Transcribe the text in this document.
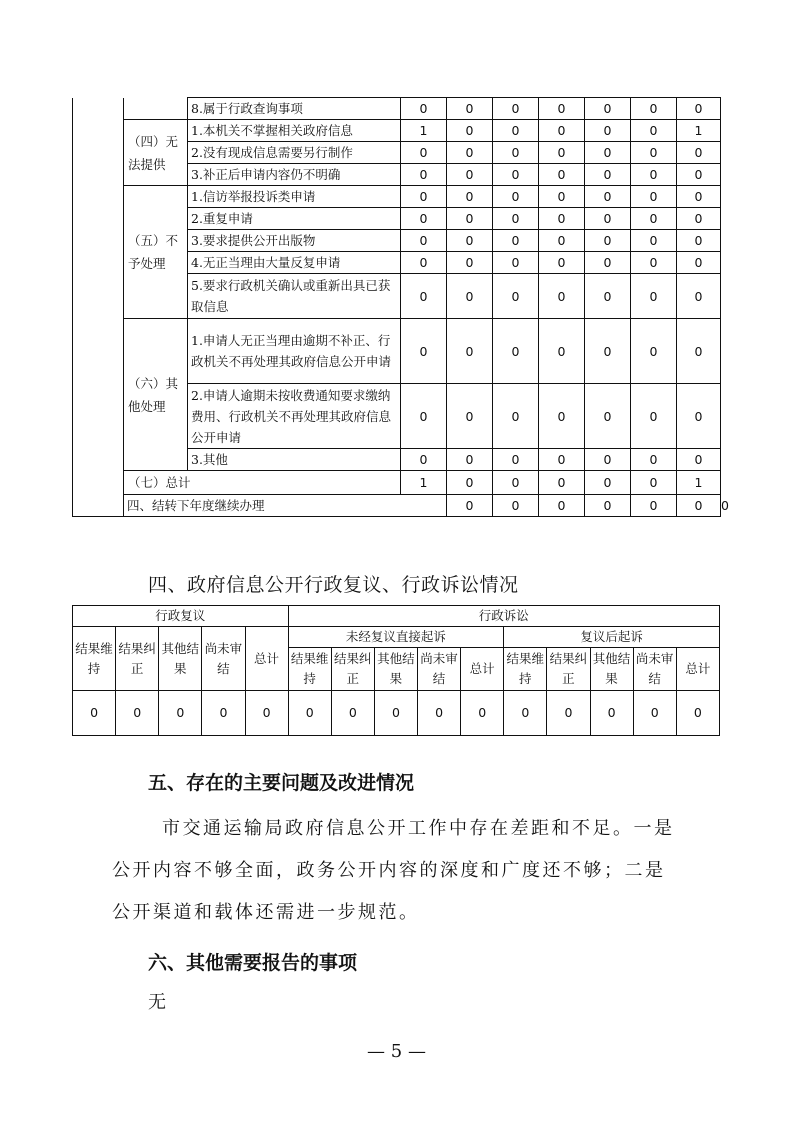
		8.属于行政查询事项	0	0	0	0	0	0	0	
	（四）无法提供	1.本机关不掌握相关政府信息	1	0	0	0	0	0	1	
		2.没有现成信息需要另行制作	0	0	0	0	0	0	0	
		3.补正后申请内容仍不明确	0	0	0	0	0	0	0	
	（五）不予处理	1.信访举报投诉类申请	0	0	0	0	0	0	0	
		2.重复申请	0	0	0	0	0	0	0	
		3.要求提供公开出版物	0	0	0	0	0	0	0	
		4.无正当理由大量反复申请	0	0	0	0	0	0	0	
		5.要求行政机关确认或重新出具已获取信息	0	0	0	0	0	0	0	
	（六）其他处理	1.申请人无正当理由逾期不补正、行政机关不再处理其政府信息公开申请	0	0	0	0	0	0	0	
		2.申请人逾期未按收费通知要求缴纳费用、行政机关不再处理其政府信息公开申请	0	0	0	0	0	0	0	
		3.其他	0	0	0	0	0	0	0	
	（七）总计		1	0	0	0	0	0	1	
	四、结转下年度继续办理			0	0	0	0	0	0	0
四、政府信息公开行政复议、行政诉讼情况
行政复议					行政诉讼									
结果维持	结果纠正	其他结果	尚未审结	总计	未经复议直接起诉					复议后起诉				
					结果维持	结果纠正	其他结果	尚未审结	总计	结果维持	结果纠正	其他结果	尚未审结	总计
0	0	0	0	0	0	0	0	0	0	0	0	0	0	0
五、存在的主要问题及改进情况
市交通运输局政府信息公开工作中存在差距和不足。一是公开内容不够全面，政务公开内容的深度和广度还不够；二是公开渠道和载体还需进一步规范。
六、其他需要报告的事项
无
— 5 —
